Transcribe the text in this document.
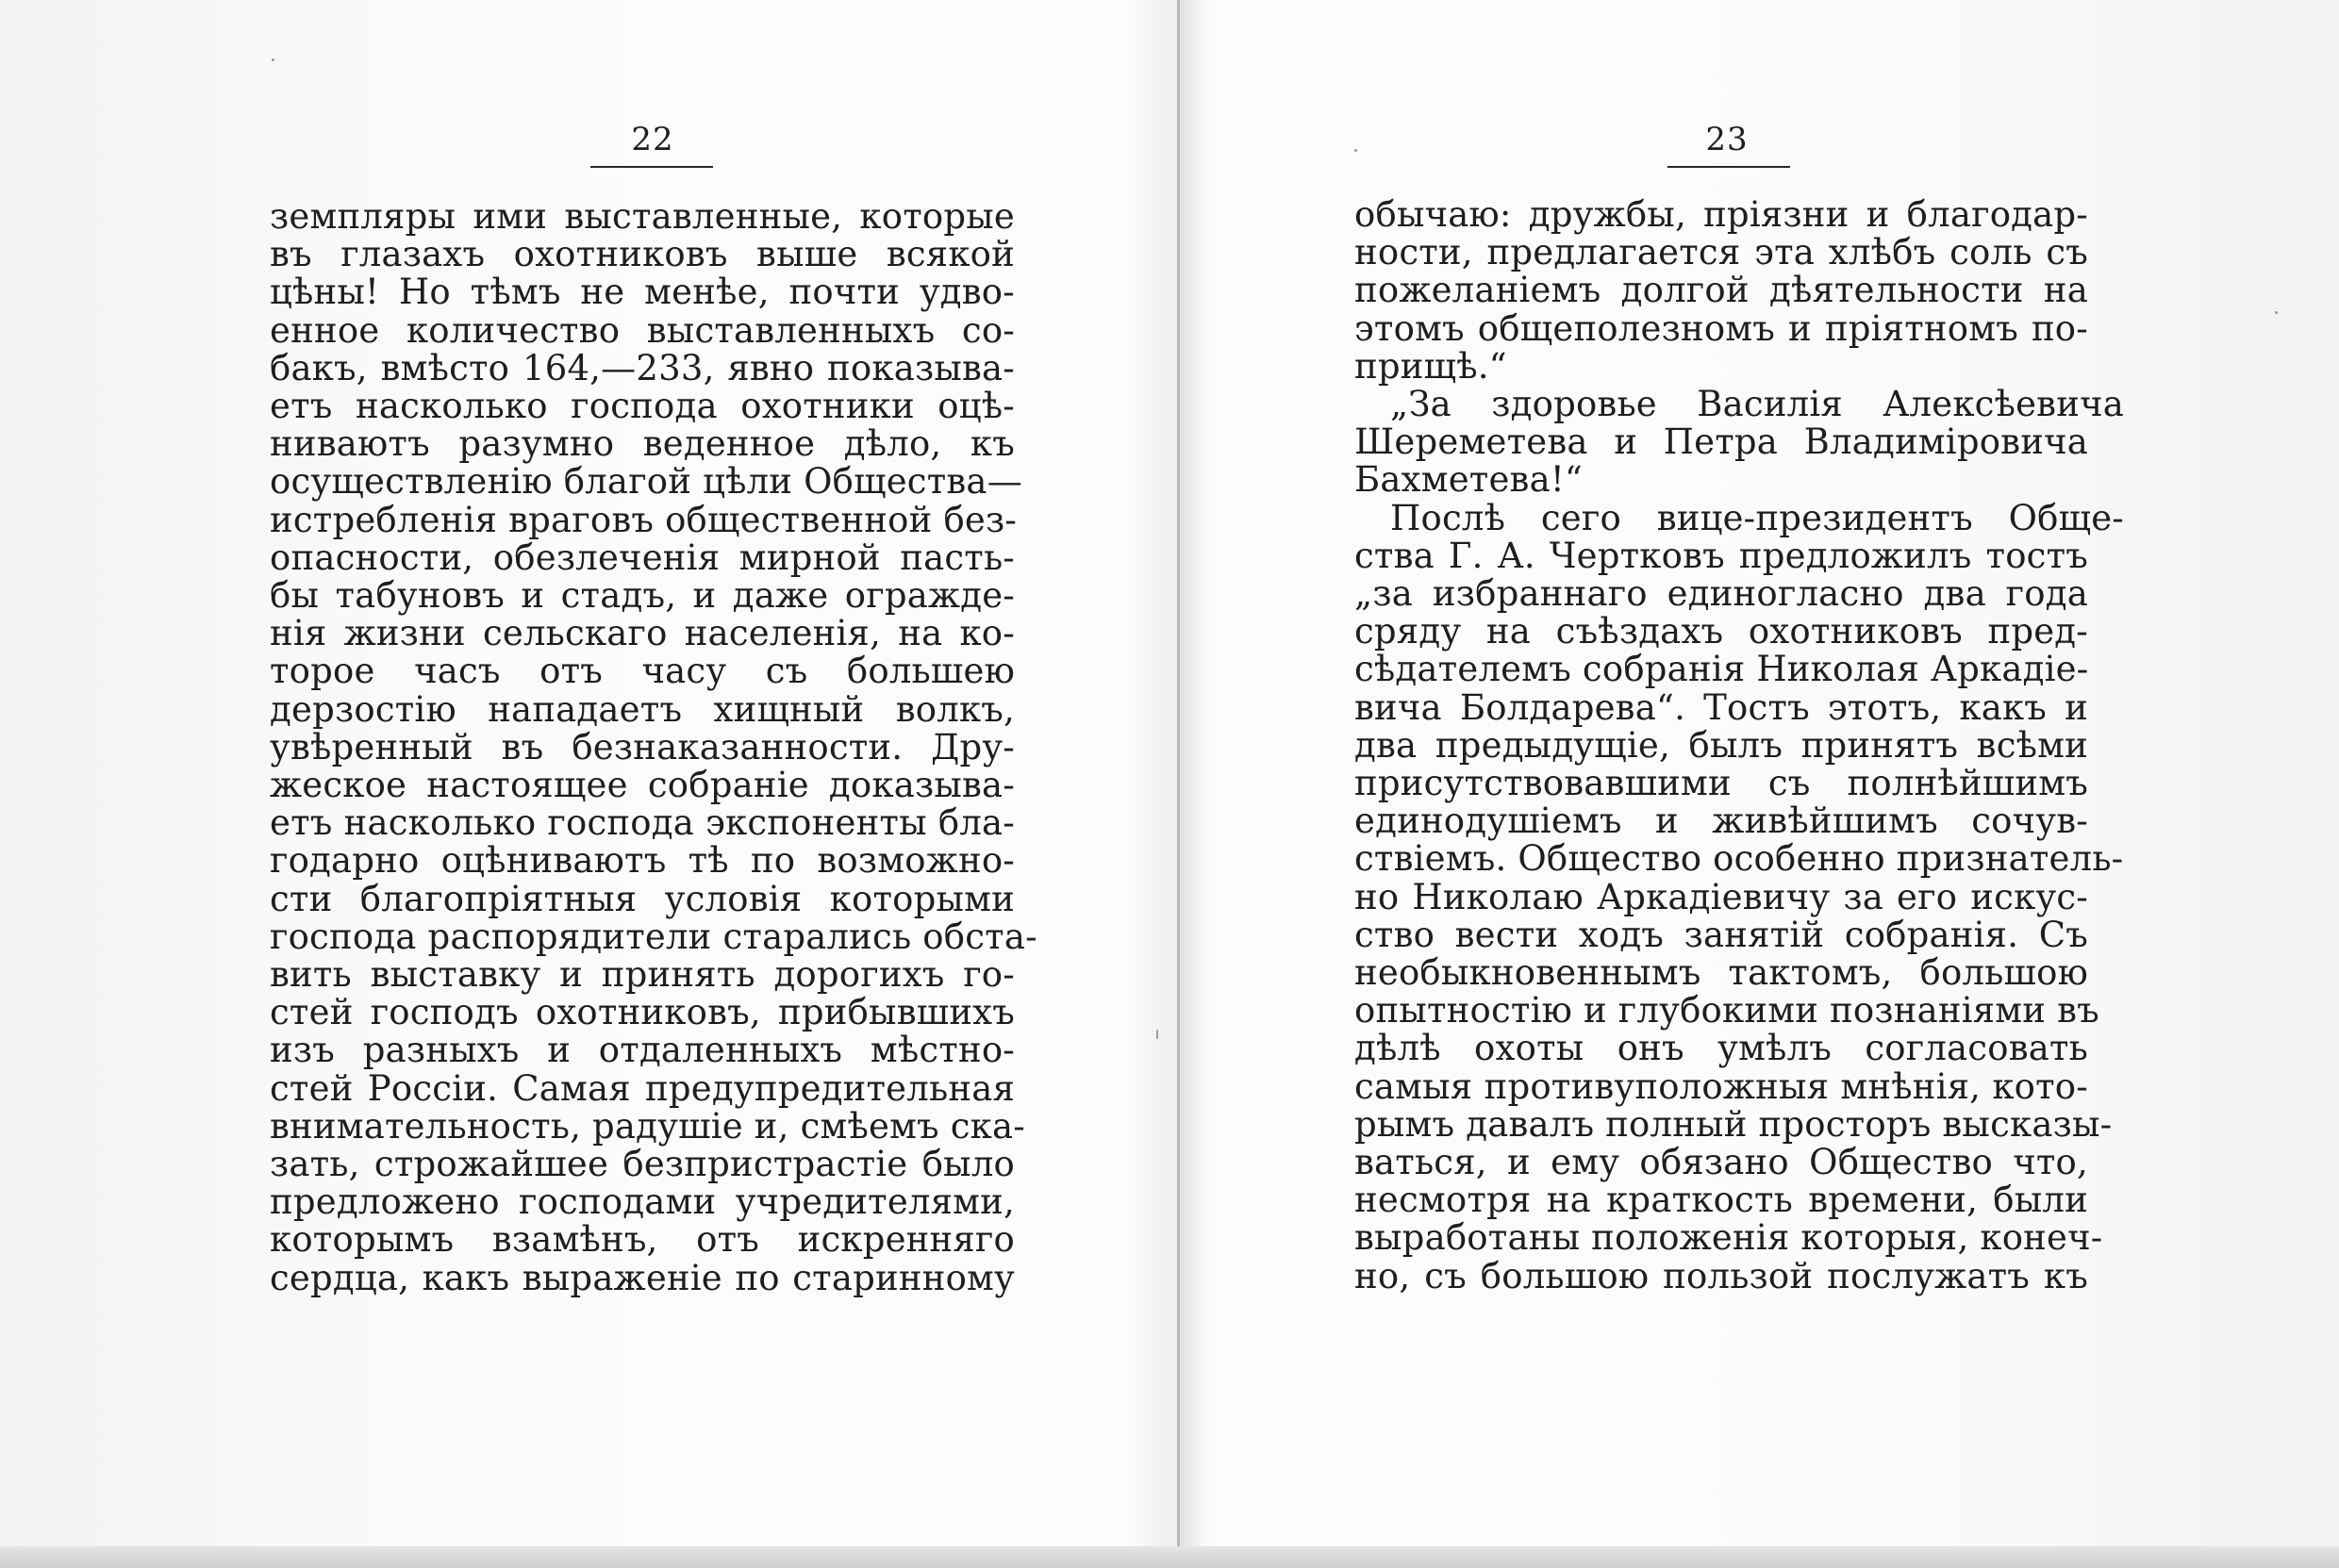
22
земпляры ими выставленные, которые
въ глазахъ охотниковъ выше всякой
цѣны! Но тѣмъ не менѣе, почти удво-
енное количество выставленныхъ со-
бакъ, вмѣсто 164,—233, явно показыва-
етъ насколько господа охотники оцѣ-
ниваютъ разумно веденное дѣло, къ
осуществленію благой цѣли Общества—
истребленія враговъ общественной без-
опасности, обезлеченія мирной пасть-
бы табуновъ и стадъ, и даже огражде-
нія жизни сельскаго населенія, на ко-
торое часъ отъ часу съ большею
дерзостію нападаетъ хищный волкъ,
увѣренный въ безнаказанности. Дру-
жеское настоящее собраніе доказыва-
етъ насколько господа экспоненты бла-
годарно оцѣниваютъ тѣ по возможно-
сти благопріятныя условія которыми
господа распорядители старались обста-
вить выставку и принять дорогихъ го-
стей господъ охотниковъ, прибывшихъ
изъ разныхъ и отдаленныхъ мѣстно-
стей Россіи. Самая предупредительная
внимательность, радушіе и, смѣемъ ска-
зать, строжайшее безпристрастіе было
предложено господами учредителями,
которымъ взамѣнъ, отъ искренняго
сердца, какъ выраженіе по старинному
23
обычаю: дружбы, пріязни и благодар-
ности, предлагается эта хлѣбъ соль съ
пожеланіемъ долгой дѣятельности на
этомъ общеполезномъ и пріятномъ по-
прищѣ.“
„За здоровье Василія Алексѣевича
Шереметева и Петра Владиміровича
Бахметева!“
Послѣ сего вице-президентъ Обще-
ства Г. А. Чертковъ предложилъ тостъ
„за избраннаго единогласно два года
сряду на съѣздахъ охотниковъ пред-
сѣдателемъ собранія Николая Аркадіе-
вича Болдарева“. Тостъ этотъ, какъ и
два предыдущіе, былъ принятъ всѣми
присутствовавшими съ полнѣйшимъ
единодушіемъ и живѣйшимъ сочув-
ствіемъ. Общество особенно признатель-
но Николаю Аркадіевичу за его искус-
ство вести ходъ занятій собранія. Съ
необыкновеннымъ тактомъ, большою
опытностію и глубокими познаніями въ
дѣлѣ охоты онъ умѣлъ согласовать
самыя противуположныя мнѣнія, кото-
рымъ давалъ полный просторъ высказы-
ваться, и ему обязано Общество что,
несмотря на краткость времени, были
выработаны положенія которыя, конеч-
но, съ большою пользой послужатъ къ
